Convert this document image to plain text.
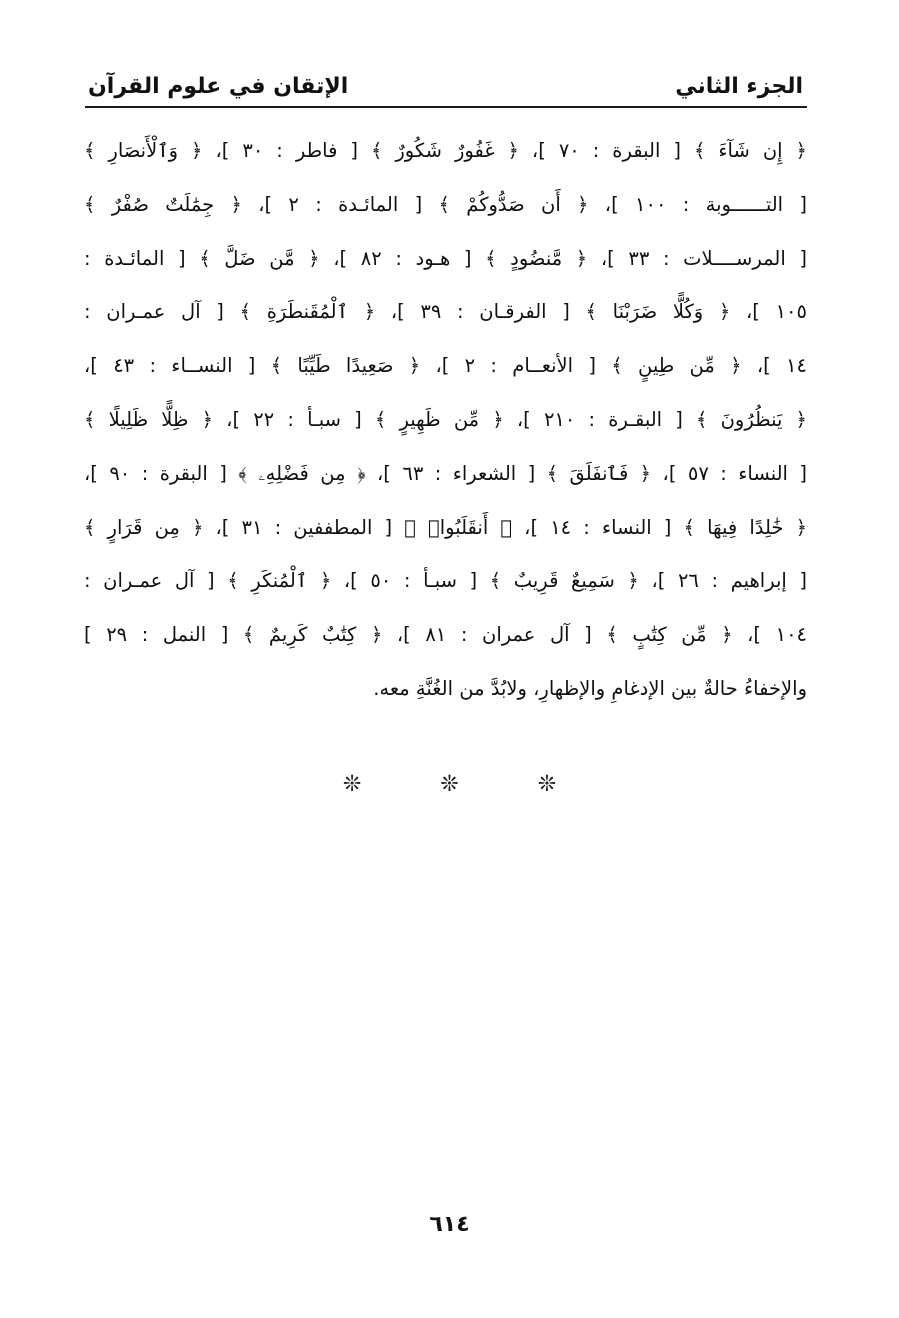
الإتقان في علوم القرآن	الجزء الثاني
﴿ إِن شَآءَ ﴾ [ البقرة : ٧٠ ]، ﴿ غَفُورٌ شَكُورٌ ﴾ [ فاطر : ٣٠ ]، ﴿ وَٱلْأَنصَارِ ﴾
[ التــــــوبة : ١٠٠ ]، ﴿ أَن صَدُّوكُمْ ﴾ [ المائـدة : ٢ ]، ﴿ جِمَٰلَتٌ صُفْرٌ ﴾
[ المرســــلات : ٣٣ ]، ﴿ مَّنضُودٍ ﴾ [ هـود : ٨٢ ]، ﴿ مَّن ضَلَّ ﴾ [ المائـدة :
١٠٥ ]، ﴿ وَكُلًّا ضَرَبْنَا ﴾ [ الفرقـان : ٣٩ ]، ﴿ ٱلْمُقَنطَرَةِ ﴾ [ آل عمـران :
١٤ ]، ﴿ مِّن طِينٍ ﴾ [ الأنعــام : ٢ ]، ﴿ صَعِيدًا طَيِّبًا ﴾ [ النســاء : ٤٣ ]،
﴿ يَنظُرُونَ ﴾ [ البقـرة : ٢١٠ ]، ﴿ مِّن ظَهِيرٍ ﴾ [ سبـأ : ٢٢ ]، ﴿ ظِلًّا ظَلِيلًا ﴾
[ النساء : ٥٧ ]، ﴿ فَٱنفَلَقَ ﴾ [ الشعراء : ٦٣ ]، ﴿ مِن فَضْلِهِۦ ﴾ [ البقرة : ٩٠ ]،
﴿ خَٰلِدًا فِيهَا ﴾ [ النساء : ١٤ ]، ﴿ أَنقَلَبُوا۟ ﴾ [ المطففين : ٣١ ]، ﴿ مِن قَرَارٍ ﴾
[ إبراهيم : ٢٦ ]، ﴿ سَمِيعٌ قَرِيبٌ ﴾ [ سبـأ : ٥٠ ]، ﴿ ٱلْمُنكَرِ ﴾ [ آل عمـران :
١٠٤ ]، ﴿ مِّن كِتَٰبٍ ﴾ [ آل عمران : ٨١ ]، ﴿ كِتَٰبٌ كَرِيمٌ ﴾ [ النمل : ٢٩ ]
والإخفاءُ حالةٌ بين الإدغامِ والإظهارِ، ولابُدَّ من الغُنَّةِ معه.
❊ ❊ ❊
٦١٤
